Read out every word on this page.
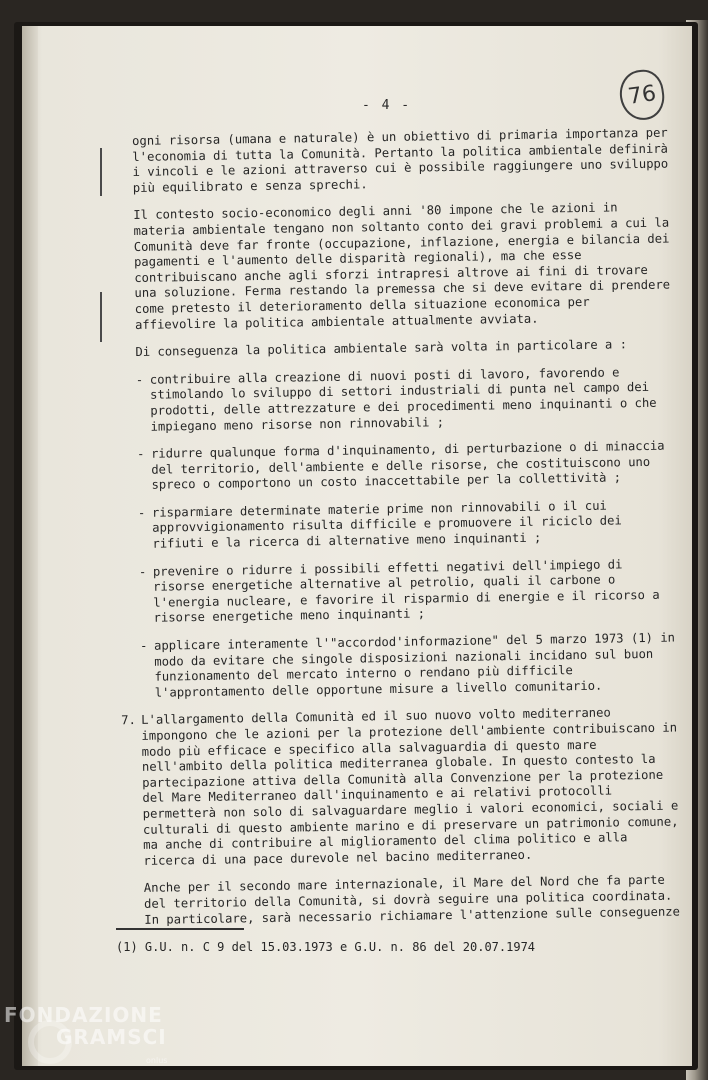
- 4 -	76

ogni risorsa (umana e naturale) è un obiettivo di primaria importanza per l'economia di tutta la Comunità. Pertanto la politica ambientale definirà i vincoli e le azioni attraverso cui è possibile raggiungere uno sviluppo più equilibrato e senza sprechi.

Il contesto socio-economico degli anni '80 impone che le azioni in materia ambientale tengano non soltanto conto dei gravi problemi a cui la Comunità deve far fronte (occupazione, inflazione, energia e bilancia dei pagamenti e l'aumento delle disparità regionali), ma che esse contribuiscano anche agli sforzi intrapresi altrove ai fini di trovare una soluzione. Ferma restando la premessa che si deve evitare di prendere come pretesto il deterioramento della situazione economica per affievolire la politica ambientale attualmente avviata.

Di conseguenza la politica ambientale sarà volta in particolare a :

- contribuire alla creazione di nuovi posti di lavoro, favorendo e stimolando lo sviluppo di settori industriali di punta nel campo dei prodotti, delle attrezzature e dei procedimenti meno inquinanti o che impiegano meno risorse non rinnovabili ;
- ridurre qualunque forma d'inquinamento, di perturbazione o di minaccia del territorio, dell'ambiente e delle risorse, che costituiscono uno spreco o comportono un costo inaccettabile per la collettività ;
- risparmiare determinate materie prime non rinnovabili o il cui approvvigionamento risulta difficile e promuovere il riciclo dei rifiuti e la ricerca di alternative meno inquinanti ;
- prevenire o ridurre i possibili effetti negativi dell'impiego di risorse energetiche alternative al petrolio, quali il carbone o l'energia nucleare, e favorire il risparmio di energie e il ricorso a risorse energetiche meno inquinanti ;
- applicare interamente l'"accordod'informazione" del 5 marzo 1973 (1) in modo da evitare che singole disposizioni nazionali incidano sul buon funzionamento del mercato interno o rendano più difficile l'approntamento delle opportune misure a livello comunitario.
7. L'allargamento della Comunità ed il suo nuovo volto mediterraneo impongono che le azioni per la protezione dell'ambiente contribuiscano in modo più efficace e specifico alla salvaguardia di questo mare nell'ambito della politica mediterranea globale. In questo contesto la partecipazione attiva della Comunità alla Convenzione per la protezione del Mare Mediterraneo dall'inquinamento e ai relativi protocolli permetterà non solo di salvaguardare meglio i valori economici, sociali e culturali di questo ambiente marino e di preservare un patrimonio comune, ma anche di contribuire al miglioramento del clima politico e alla ricerca di una pace durevole nel bacino mediterraneo.

Anche per il secondo mare internazionale, il Mare del Nord che fa parte del territorio della Comunità, si dovrà seguire una politica coordinata. In particolare, sarà necessario richiamare l'attenzione sulle conseguenze

(1) G.U. n. C 9 del 15.03.1973 e G.U. n. 86 del 20.07.1974
FONDAZIONE
GRAMSCI
onlus
